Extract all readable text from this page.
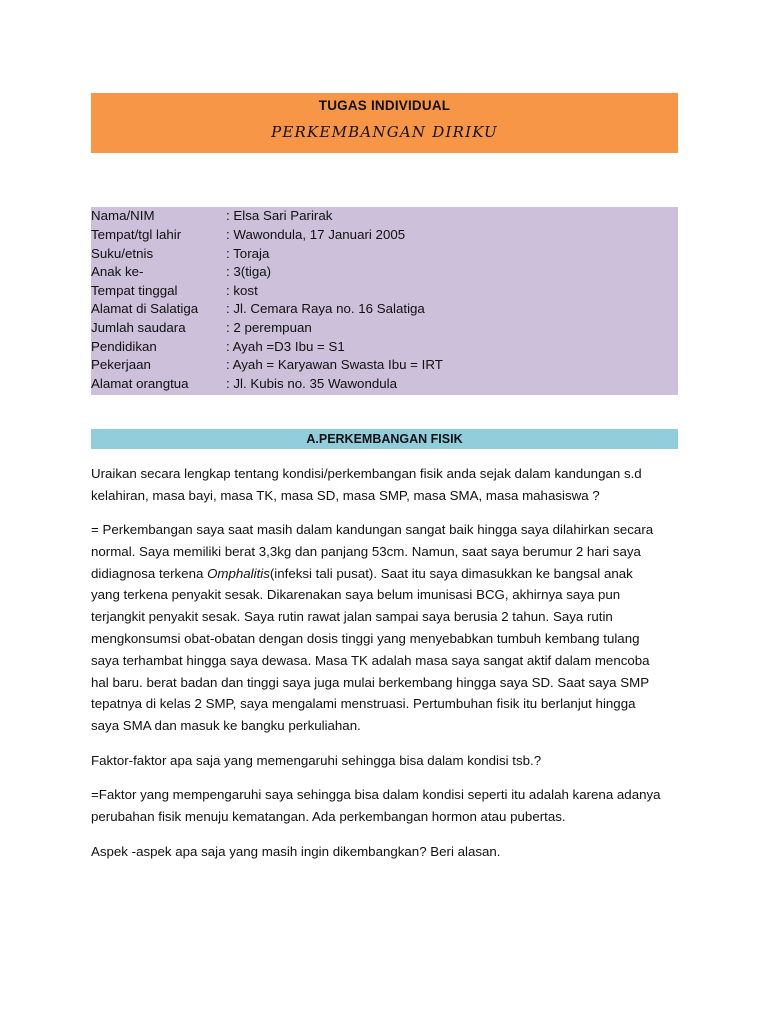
TUGAS INDIVIDUAL
PERKEMBANGAN DIRIKU
Nama/NIM	: Elsa Sari Parirak
Tempat/tgl lahir	: Wawondula, 17 Januari 2005
Suku/etnis	: Toraja
Anak ke-	: 3(tiga)
Tempat tinggal	: kost
Alamat di Salatiga : Jl. Cemara Raya no. 16 Salatiga
Jumlah saudara	: 2 perempuan
Pendidikan	: Ayah =D3 Ibu = S1
Pekerjaan	: Ayah = Karyawan Swasta Ibu = IRT
Alamat orangtua	: Jl. Kubis no. 35 Wawondula
A.PERKEMBANGAN FISIK

Uraikan secara lengkap tentang kondisi/perkembangan fisik anda sejak dalam kandungan s.d
kelahiran, masa bayi, masa TK, masa SD, masa SMP, masa SMA, masa mahasiswa ?

= Perkembangan saya saat masih dalam kandungan sangat baik hingga saya dilahirkan secara
normal. Saya memiliki berat 3,3kg dan panjang 53cm. Namun, saat saya berumur 2 hari saya
didiagnosa terkena Omphalitis(infeksi tali pusat). Saat itu saya dimasukkan ke bangsal anak
yang terkena penyakit sesak. Dikarenakan saya belum imunisasi BCG, akhirnya saya pun
terjangkit penyakit sesak. Saya rutin rawat jalan sampai saya berusia 2 tahun. Saya rutin
mengkonsumsi obat-obatan dengan dosis tinggi yang menyebabkan tumbuh kembang tulang
saya terhambat hingga saya dewasa. Masa TK adalah masa saya sangat aktif dalam mencoba
hal baru. berat badan dan tinggi saya juga mulai berkembang hingga saya SD. Saat saya SMP
tepatnya di kelas 2 SMP, saya mengalami menstruasi. Pertumbuhan fisik itu berlanjut hingga
saya SMA dan masuk ke bangku perkuliahan.

Faktor-faktor apa saja yang memengaruhi sehingga bisa dalam kondisi tsb.?

=Faktor yang mempengaruhi saya sehingga bisa dalam kondisi seperti itu adalah karena adanya
perubahan fisik menuju kematangan. Ada perkembangan hormon atau pubertas.

Aspek -aspek apa saja yang masih ingin dikembangkan? Beri alasan.
